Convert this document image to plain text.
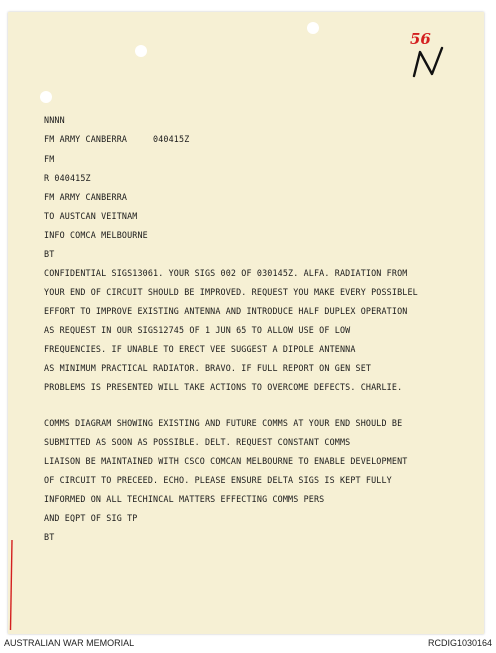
56
NNNN
FM ARMY CANBERRA     040415Z
FM
R 040415Z
FM ARMY CANBERRA
TO AUSTCAN VEITNAM
INFO COMCA MELBOURNE
BT
CONFIDENTIAL SIGS13061. YOUR SIGS 002 OF 030145Z. ALFA. RADIATION FROM
YOUR END OF CIRCUIT SHOULD BE IMPROVED. REQUEST YOU MAKE EVERY POSSIBLEL
EFFORT TO IMPROVE EXISTING ANTENNA AND INTRODUCE HALF DUPLEX OPERATION
AS REQUEST IN OUR SIGS12745 OF 1 JUN 65 TO ALLOW USE OF LOW
FREQUENCIES. IF UNABLE TO ERECT VEE SUGGEST A DIPOLE ANTENNA
AS MINIMUM PRACTICAL RADIATOR. BRAVO. IF FULL REPORT ON GEN SET
PROBLEMS IS PRESENTED WILL TAKE ACTIONS TO OVERCOME DEFECTS. CHARLIE.
COMMS DIAGRAM SHOWING EXISTING AND FUTURE COMMS AT YOUR END SHOULD BE
SUBMITTED AS SOON AS POSSIBLE. DELT. REQUEST CONSTANT COMMS
LIAISON BE MAINTAINED WITH CSCO COMCAN MELBOURNE TO ENABLE DEVELOPMENT
OF CIRCUIT TO PRECEED. ECHO. PLEASE ENSURE DELTA SIGS IS KEPT FULLY
INFORMED ON ALL TECHINCAL MATTERS EFFECTING COMMS PERS
AND EQPT OF SIG TP
BT
AUSTRALIAN WAR MEMORIAL	RCDIG1030164
